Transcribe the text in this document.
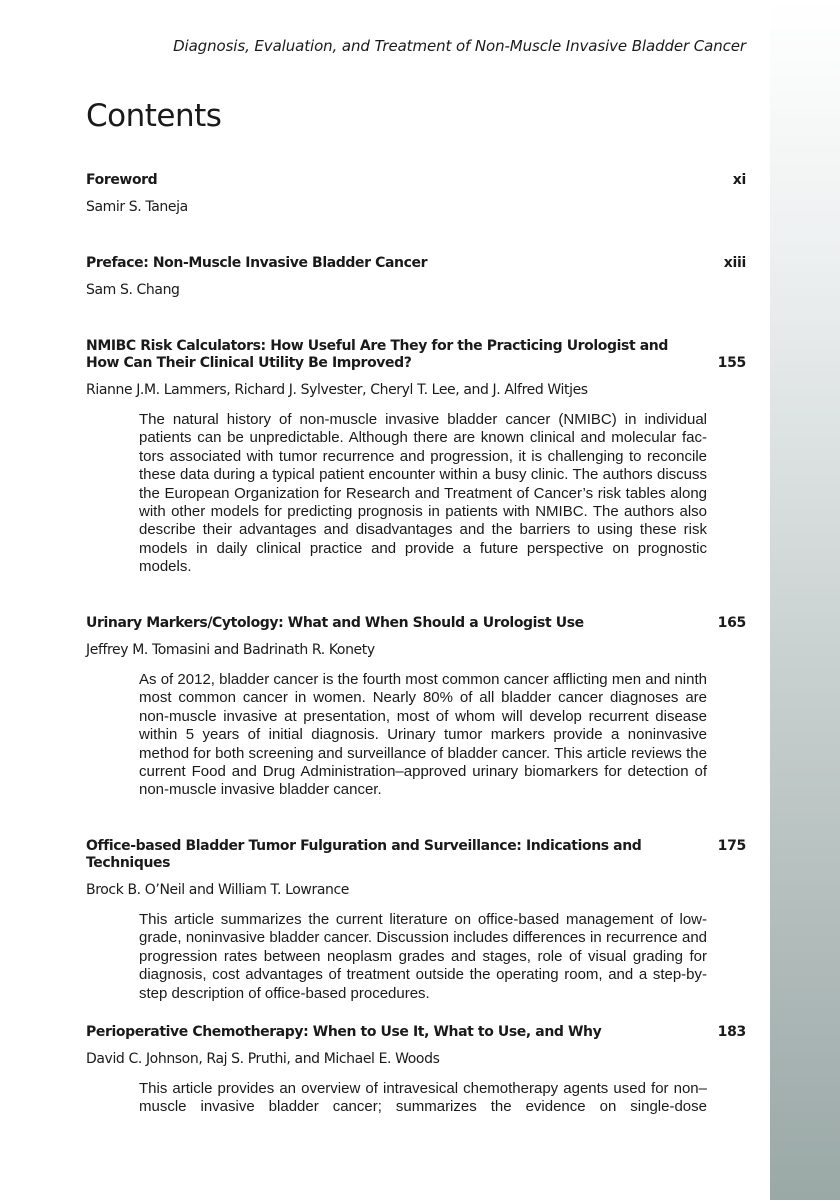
Diagnosis, Evaluation, and Treatment of Non-Muscle Invasive Bladder Cancer
Contents
xi
Foreword
Samir S. Taneja
xiii
Preface: Non-Muscle Invasive Bladder Cancer
Sam S. Chang
155
NMIBC Risk Calculators: How Useful Are They for the Practicing Urologist and How Can Their Clinical Utility Be Improved?
Rianne J.M. Lammers, Richard J. Sylvester, Cheryl T. Lee, and J. Alfred Witjes
The natural history of non-muscle invasive bladder cancer (NMIBC) in individual patients can be unpredictable. Although there are known clinical and molecular factors associated with tumor recurrence and progression, it is challenging to reconcile these data during a typical patient encounter within a busy clinic. The authors discuss the European Organization for Research and Treatment of Cancer’s risk tables along with other models for predicting prognosis in patients with NMIBC. The authors also describe their advantages and disadvantages and the barriers to using these risk models in daily clinical practice and provide a future perspective on prognostic models.
165
Urinary Markers/Cytology: What and When Should a Urologist Use
Jeffrey M. Tomasini and Badrinath R. Konety
As of 2012, bladder cancer is the fourth most common cancer afflicting men and ninth most common cancer in women. Nearly 80% of all bladder cancer diagnoses are non-muscle invasive at presentation, most of whom will develop recurrent disease within 5 years of initial diagnosis. Urinary tumor markers provide a noninvasive method for both screening and surveillance of bladder cancer. This article reviews the current Food and Drug Administration–approved urinary biomarkers for detection of non-muscle invasive bladder cancer.
175
Office-based Bladder Tumor Fulguration and Surveillance: Indications and Techniques
Brock B. O’Neil and William T. Lowrance
This article summarizes the current literature on office-based management of low-grade, noninvasive bladder cancer. Discussion includes differences in recurrence and progression rates between neoplasm grades and stages, role of visual grading for diagnosis, cost advantages of treatment outside the operating room, and a step-by-step description of office-based procedures.
183
Perioperative Chemotherapy: When to Use It, What to Use, and Why
David C. Johnson, Raj S. Pruthi, and Michael E. Woods
This article provides an overview of intravesical chemotherapy agents used for non–muscle invasive bladder cancer; summarizes the evidence on single-dose
